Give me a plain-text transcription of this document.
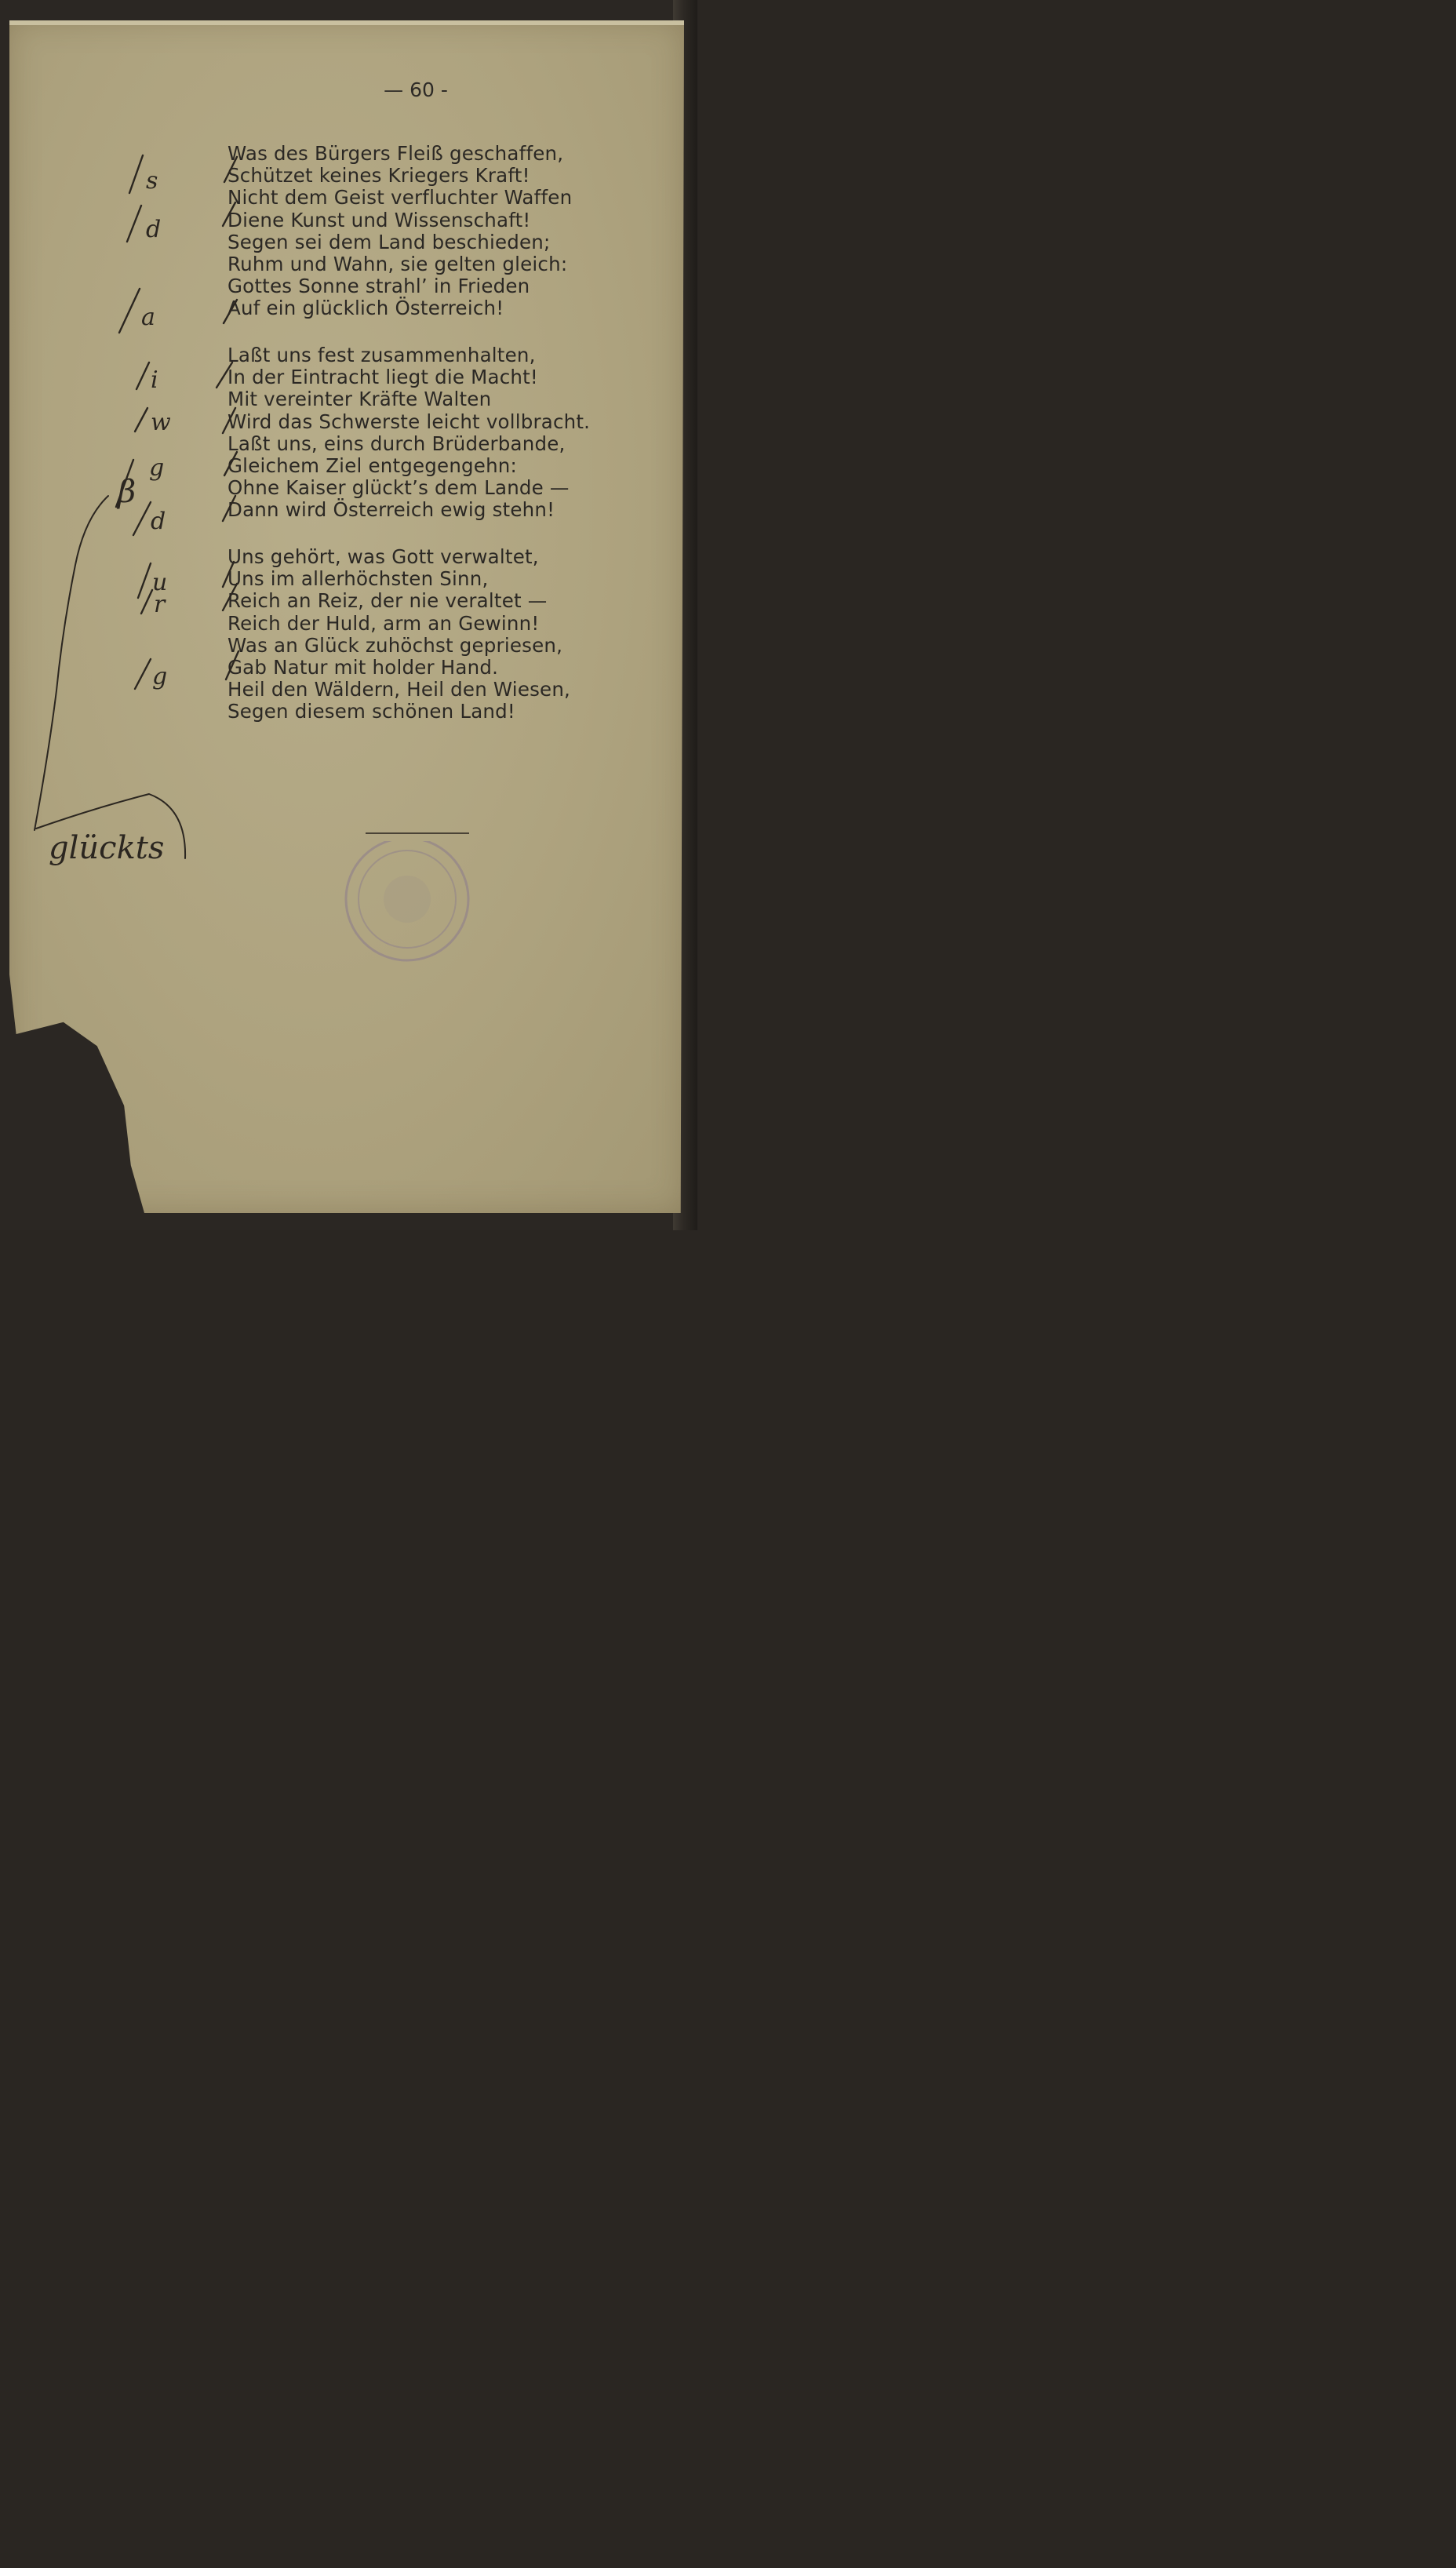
— 60 -
Was des Bürgers Fleiß geschaffen,
Schützet keines Kriegers Kraft!
Nicht dem Geist verfluchter Waffen
Diene Kunst und Wissenschaft!
Segen sei dem Land beschieden;
Ruhm und Wahn, sie gelten gleich:
Gottes Sonne strahl’ in Frieden
Auf ein glücklich Österreich!
Laßt uns fest zusammenhalten,
In der Eintracht liegt die Macht!
Mit vereinter Kräfte Walten
Wird das Schwerste leicht vollbracht.
Laßt uns, eins durch Brüderbande,
Gleichem Ziel entgegengehn:
Ohne Kaiser glückt’s dem Lande —
Dann wird Österreich ewig stehn!
Uns gehört, was Gott verwaltet,
Uns im allerhöchsten Sinn,
Reich an Reiz, der nie veraltet —
Reich der Huld, arm an Gewinn!
Was an Glück zuhöchst gepriesen,
Gab Natur mit holder Hand.
Heil den Wäldern, Heil den Wiesen,
Segen diesem schönen Land!
s
d
a
i
w
g
d
u
r
g
glückts
β
